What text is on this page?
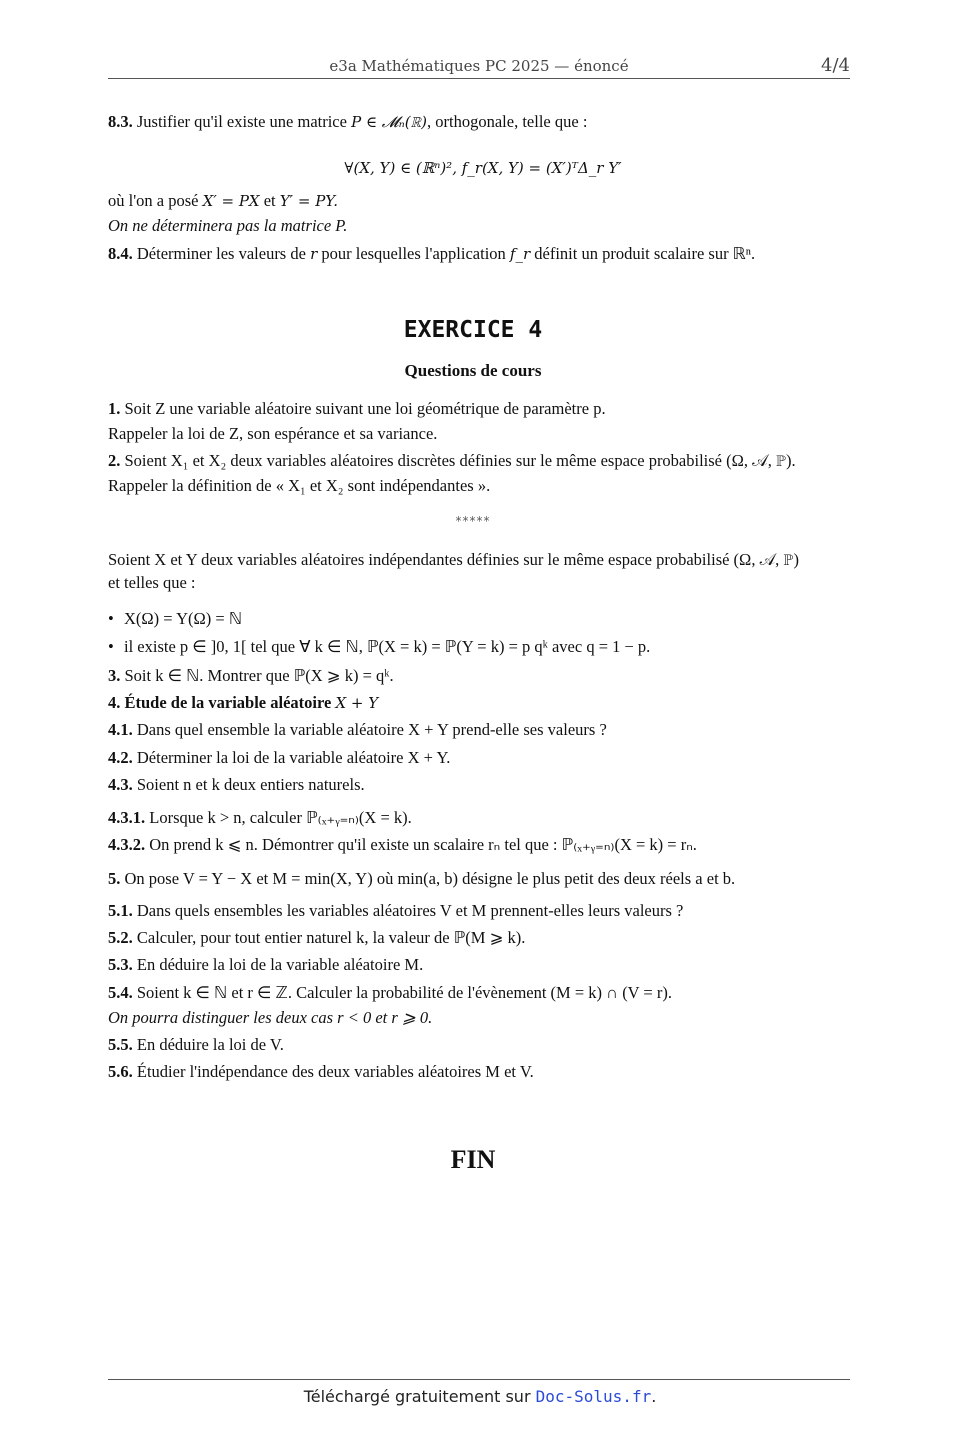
e3a Mathématiques PC 2025 — énoncé	4/4
8.3. Justifier qu'il existe une matrice P ∈ 𝓜ₙ(ℝ), orthogonale, telle que :
∀(X, Y) ∈ (ℝⁿ)², f_r(X, Y) = (X′)ᵀΔ_r Y′
où l'on a posé X′ = PX et Y′ = PY.
On ne déterminera pas la matrice P.
8.4. Déterminer les valeurs de r pour lesquelles l'application f_r définit un produit scalaire sur ℝⁿ.
EXERCICE 4
Questions de cours
1. Soit Z une variable aléatoire suivant une loi géométrique de paramètre p.
Rappeler la loi de Z, son espérance et sa variance.
2. Soient X₁ et X₂ deux variables aléatoires discrètes définies sur le même espace probabilisé (Ω, 𝒜, ℙ).
Rappeler la définition de « X₁ et X₂ sont indépendantes ».
*****
Soient X et Y deux variables aléatoires indépendantes définies sur le même espace probabilisé (Ω, 𝒜, ℙ)
et telles que :
• X(Ω) = Y(Ω) = ℕ
• il existe p ∈ ]0, 1[ tel que ∀ k ∈ ℕ, ℙ(X = k) = ℙ(Y = k) = p qᵏ avec q = 1 − p.
3. Soit k ∈ ℕ. Montrer que ℙ(X ⩾ k) = qᵏ.
4. Étude de la variable aléatoire X + Y
4.1. Dans quel ensemble la variable aléatoire X + Y prend-elle ses valeurs ?
4.2. Déterminer la loi de la variable aléatoire X + Y.
4.3. Soient n et k deux entiers naturels.
4.3.1. Lorsque k > n, calculer ℙ₍ₓ₊ᵧ₌ₙ₎(X = k).
4.3.2. On prend k ⩽ n. Démontrer qu'il existe un scalaire rₙ tel que : ℙ₍ₓ₊ᵧ₌ₙ₎(X = k) = rₙ.
5. On pose V = Y − X et M = min(X, Y) où min(a, b) désigne le plus petit des deux réels a et b.
5.1. Dans quels ensembles les variables aléatoires V et M prennent-elles leurs valeurs ?
5.2. Calculer, pour tout entier naturel k, la valeur de ℙ(M ⩾ k).
5.3. En déduire la loi de la variable aléatoire M.
5.4. Soient k ∈ ℕ et r ∈ ℤ. Calculer la probabilité de l'évènement (M = k) ∩ (V = r).
On pourra distinguer les deux cas r < 0 et r ⩾ 0.
5.5. En déduire la loi de V.
5.6. Étudier l'indépendance des deux variables aléatoires M et V.
FIN
Téléchargé gratuitement sur Doc-Solus.fr.
